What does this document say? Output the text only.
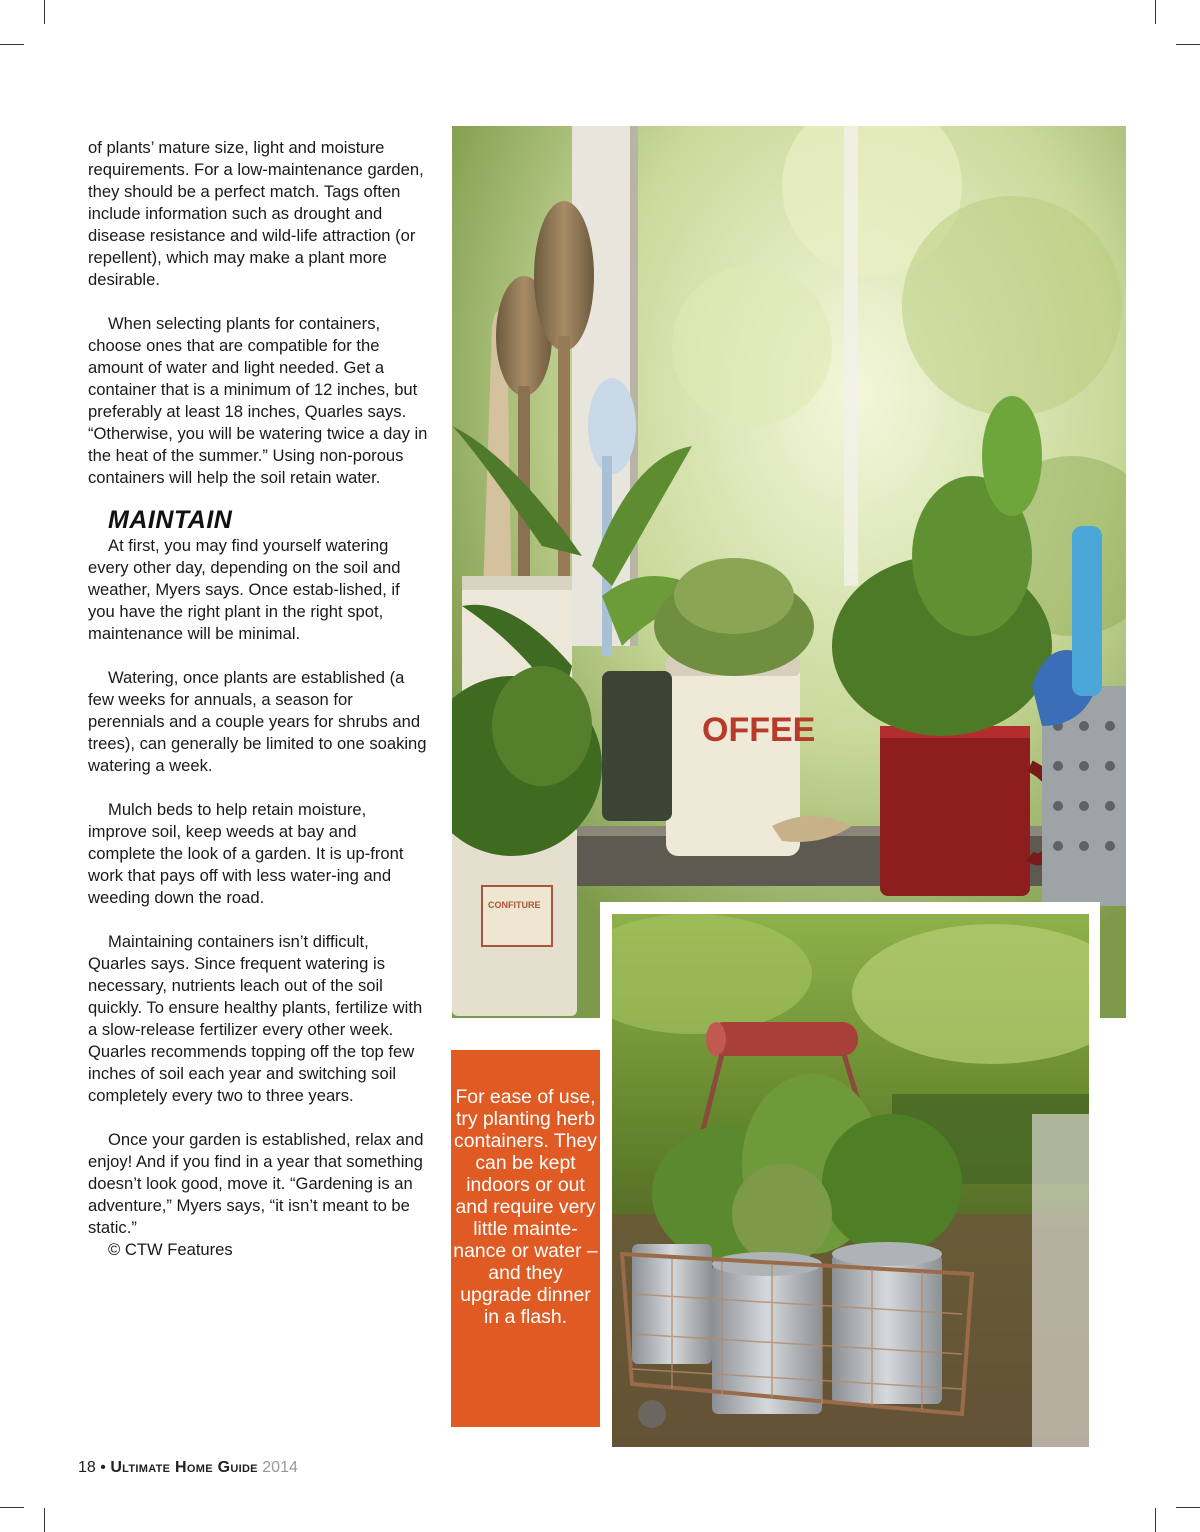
of plants’ mature size, light and moisture requirements. For a low-maintenance garden, they should be a perfect match. Tags often include information such as drought and disease resistance and wild-life attraction (or repellent), which may make a plant more desirable.

When selecting plants for containers, choose ones that are compatible for the amount of water and light needed. Get a container that is a minimum of 12 inches, but preferably at least 18 inches, Quarles says. “Otherwise, you will be watering twice a day in the heat of the summer.” Using non-porous containers will help the soil retain water.

MAINTAIN

At first, you may find yourself watering every other day, depending on the soil and weather, Myers says. Once estab-lished, if you have the right plant in the right spot, maintenance will be minimal.

Watering, once plants are established (a few weeks for annuals, a season for perennials and a couple years for shrubs and trees), can generally be limited to one soaking watering a week.

Mulch beds to help retain moisture, improve soil, keep weeds at bay and complete the look of a garden. It is up-front work that pays off with less water-ing and weeding down the road.

Maintaining containers isn’t difficult, Quarles says. Since frequent watering is necessary, nutrients leach out of the soil quickly. To ensure healthy plants, fertilize with a slow-release fertilizer every other week. Quarles recommends topping off the top few inches of soil each year and switching soil completely every two to three years.

Once your garden is established, relax and enjoy! And if you find in a year that something doesn’t look good, move it. “Gardening is an adventure,” Myers says, “it isn’t meant to be static.”

© CTW Features

OFFEE
CONFITURE
For ease of use, try planting herb containers. They can be kept indoors or out and require very little mainte-nance or water – and they upgrade dinner in a flash.
18 • Ultimate Home Guide 2014
